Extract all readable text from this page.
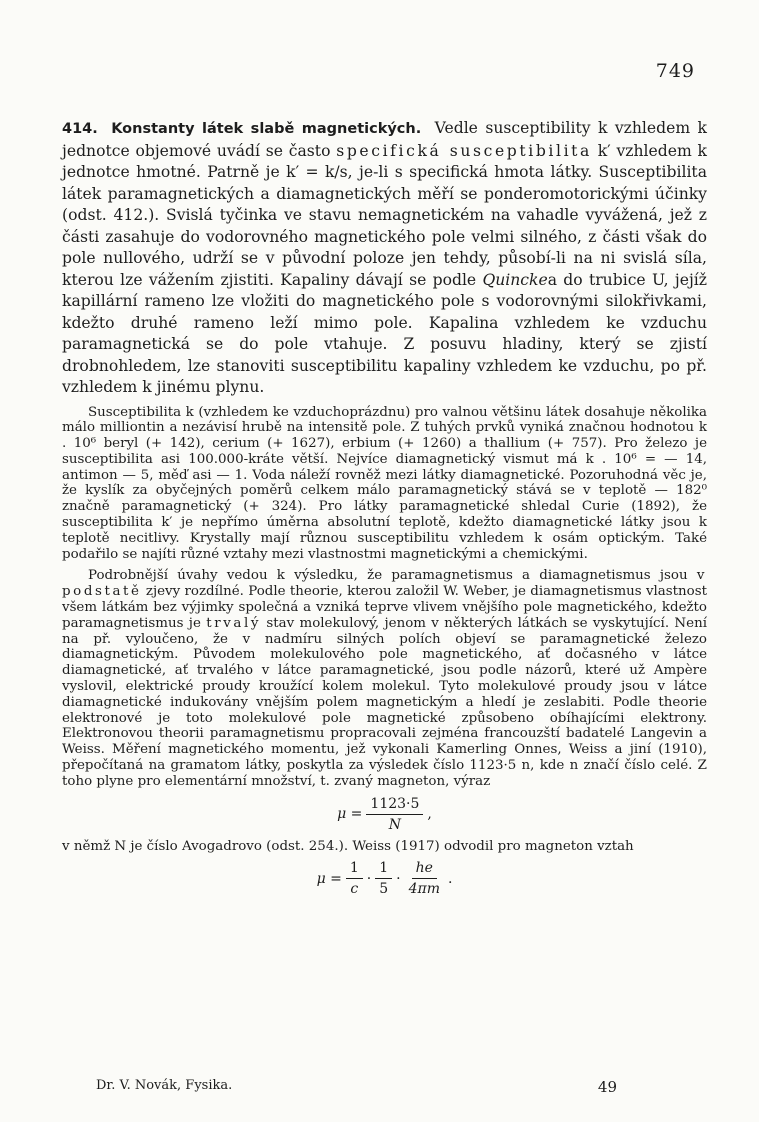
749

414. Konstanty látek slabě magnetických. Vedle susceptibility k vzhledem k jednotce objemové uvádí se často specifická susceptibilita k′ vzhledem k jednotce hmotné. Patrně je k′ = k/s, je-li s specifická hmota látky. Susceptibilita látek paramagnetických a diamagnetických měří se ponderomotorickými účinky (odst. 412.). Svislá tyčinka ve stavu nemagnetickém na vahadle vyvážená, jež z části zasahuje do vodorovného magnetického pole velmi silného, z části však do pole nullového, udrží se v původní poloze jen tehdy, působí-li na ni svislá síla, kterou lze vážením zjistiti. Kapaliny dávají se podle Quinckea do trubice U, jejíž kapillární rameno lze vložiti do magnetického pole s vodorovnými silokřivkami, kdežto druhé rameno leží mimo pole. Kapalina vzhledem ke vzduchu paramagnetická se do pole vtahuje. Z posuvu hladiny, který se zjistí drobnohledem, lze stanoviti susceptibilitu kapaliny vzhledem ke vzduchu, po př. vzhledem k jinému plynu.

Susceptibilita k (vzhledem ke vzduchoprázdnu) pro valnou většinu látek dosahuje několika málo milliontin a nezávisí hrubě na intensitě pole. Z tuhých prvků vyniká značnou hodnotou k . 10⁶ beryl (+ 142), cerium (+ 1627), erbium (+ 1260) a thallium (+ 757). Pro železo je susceptibilita asi 100.000-kráte větší. Nejvíce diamagnetický vismut má k . 10⁶ = — 14, antimon — 5, měď asi — 1. Voda náleží rovněž mezi látky diamagnetické. Pozoruhodná věc je, že kyslík za obyčejných poměrů celkem málo paramagnetický stává se v teplotě — 182⁰ značně paramagnetický (+ 324). Pro látky paramagnetické shledal Curie (1892), že susceptibilita k′ je nepřímo úměrna absolutní teplotě, kdežto diamagnetické látky jsou k teplotě necitlivy. Krystally mají různou susceptibilitu vzhledem k osám optickým. Také podařilo se najíti různé vztahy mezi vlastnostmi magnetickými a chemickými.

Podrobnější úvahy vedou k výsledku, že paramagnetismus a diamagnetismus jsou v podstatě zjevy rozdílné. Podle theorie, kterou založil W. Weber, je diamagnetismus vlastnost všem látkám bez výjimky společná a vzniká teprve vlivem vnějšího pole magnetického, kdežto paramagnetismus je trvalý stav molekulový, jenom v některých látkách se vyskytující. Není na př. vyloučeno, že v nadmíru silných polích objeví se paramagnetické železo diamagnetickým. Původem molekulového pole magnetického, ať dočasného v látce diamagnetické, ať trvalého v látce paramagnetické, jsou podle názorů, které už Ampère vyslovil, elektrické proudy kroužící kolem molekul. Tyto molekulové proudy jsou v látce diamagnetické indukovány vnějším polem magnetickým a hledí je zeslabiti. Podle theorie elektronové je toto molekulové pole magnetické způsobeno obíhajícími elektrony. Elektronovou theorii paramagnetismu propracovali zejména francouzští badatelé Langevin a Weiss. Měření magnetického momentu, jež vykonali Kamerling Onnes, Weiss a jiní (1910), přepočítaná na gramatom látky, poskytla za výsledek číslo 1123·5 n, kde n značí číslo celé. Z toho plyne pro elementární množství, t. zvaný magneton, výraz

$\mu = \frac{1123\cdot 5}{N}$ ,

v němž N je číslo Avogadrovo (odst. 254.). Weiss (1917) odvodil pro magneton vztah

$\mu = \frac{1}{c} \cdot \frac{1}{5} \cdot \frac{he}{4\pi m}$ .
Dr. V. Novák, Fysika.	49
